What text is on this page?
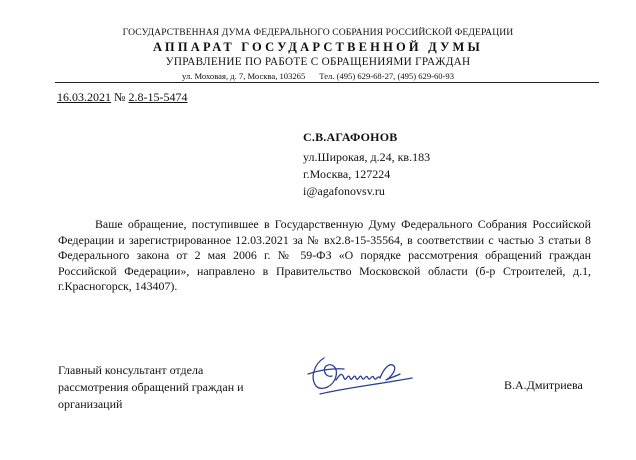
ГОСУДАРСТВЕННАЯ ДУМА ФЕДЕРАЛЬНОГО СОБРАНИЯ РОССИЙСКОЙ ФЕДЕРАЦИИ
АППАРАТ ГОСУДАРСТВЕННОЙ ДУМЫ
УПРАВЛЕНИЕ ПО РАБОТЕ С ОБРАЩЕНИЯМИ ГРАЖДАН
ул. Моховая, д. 7, Москва, 103265 Тел. (495) 629-68-27, (495) 629-60-93
16.03.2021 № 2.8-15-5474
С.В.АГАФОНОВ
ул.Широкая, д.24, кв.183
г.Москва, 127224
i@agafonovsv.ru
Ваше обращение, поступившее в Государственную Думу Федерального Собрания Российской Федерации и зарегистрированное 12.03.2021 за № вх2.8-15-35564, в соответствии с частью 3 статьи 8 Федерального закона от 2 мая 2006 г. № 59-ФЗ «О порядке рассмотрения обращений граждан Российской Федерации», направлено в Правительство Московской области (б-р Строителей, д.1, г.Красногорск, 143407).
Главный консультант отдела
рассмотрения обращений граждан и
организаций
В.А.Дмитриева
